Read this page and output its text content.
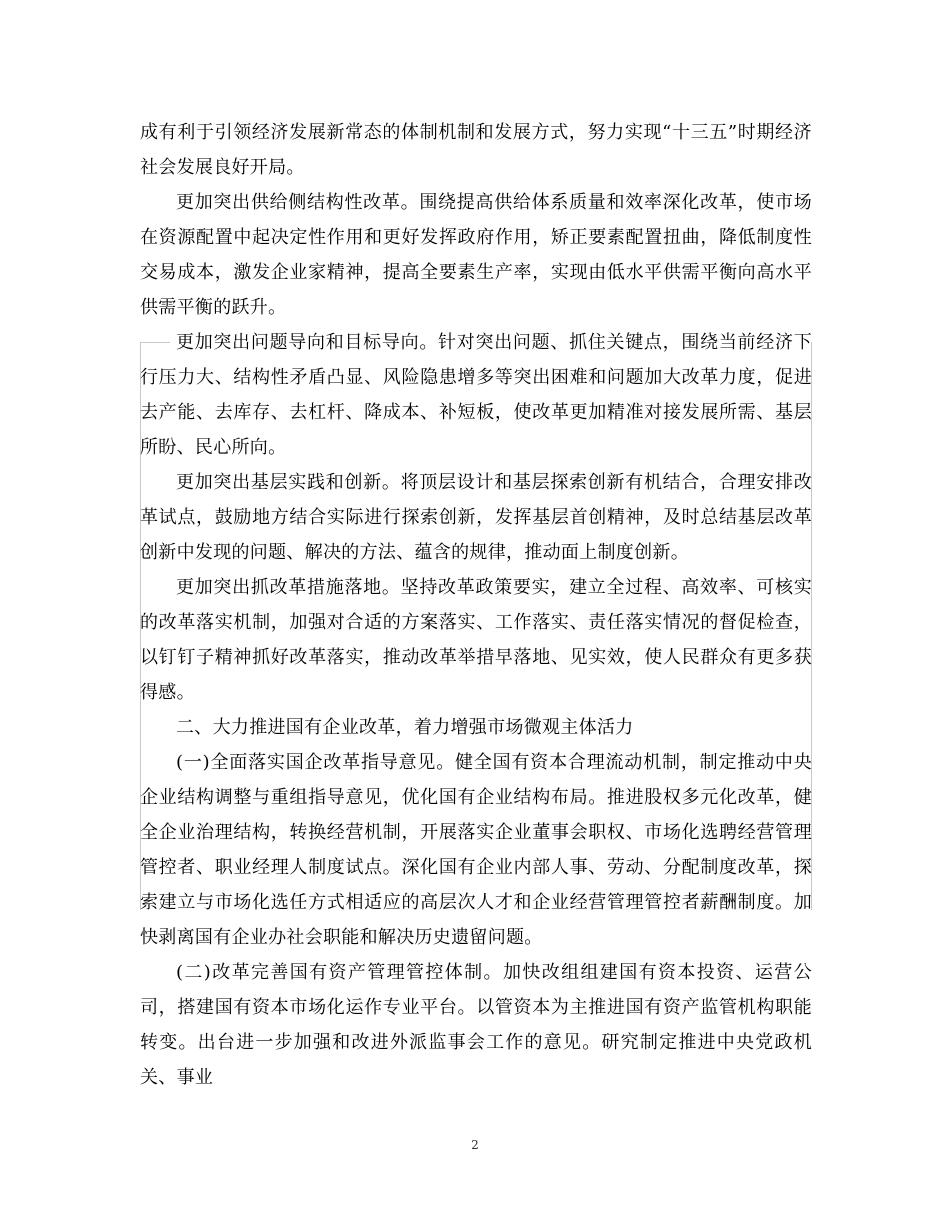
成有利于引领经济发展新常态的体制机制和发展方式，努力实现“十三五”时期经济社会发展良好开局。

更加突出供给侧结构性改革。围绕提高供给体系质量和效率深化改革，使市场在资源配置中起决定性作用和更好发挥政府作用，矫正要素配置扭曲，降低制度性交易成本，激发企业家精神，提高全要素生产率，实现由低水平供需平衡向高水平供需平衡的跃升。

更加突出问题导向和目标导向。针对突出问题、抓住关键点，围绕当前经济下行压力大、结构性矛盾凸显、风险隐患增多等突出困难和问题加大改革力度，促进去产能、去库存、去杠杆、降成本、补短板，使改革更加精准对接发展所需、基层所盼、民心所向。

更加突出基层实践和创新。将顶层设计和基层探索创新有机结合，合理安排改革试点，鼓励地方结合实际进行探索创新，发挥基层首创精神，及时总结基层改革创新中发现的问题、解决的方法、蕴含的规律，推动面上制度创新。

更加突出抓改革措施落地。坚持改革政策要实，建立全过程、高效率、可核实的改革落实机制，加强对合适的方案落实、工作落实、责任落实情况的督促检查，以钉钉子精神抓好改革落实，推动改革举措早落地、见实效，使人民群众有更多获得感。

二、大力推进国有企业改革，着力增强市场微观主体活力

(一)全面落实国企改革指导意见。健全国有资本合理流动机制，制定推动中央企业结构调整与重组指导意见，优化国有企业结构布局。推进股权多元化改革，健全企业治理结构，转换经营机制，开展落实企业董事会职权、市场化选聘经营管理管控者、职业经理人制度试点。深化国有企业内部人事、劳动、分配制度改革，探索建立与市场化选任方式相适应的高层次人才和企业经营管理管控者薪酬制度。加快剥离国有企业办社会职能和解决历史遗留问题。

(二)改革完善国有资产管理管控体制。加快改组组建国有资本投资、运营公司，搭建国有资本市场化运作专业平台。以管资本为主推进国有资产监管机构职能转变。出台进一步加强和改进外派监事会工作的意见。研究制定推进中央党政机关、事业

2
